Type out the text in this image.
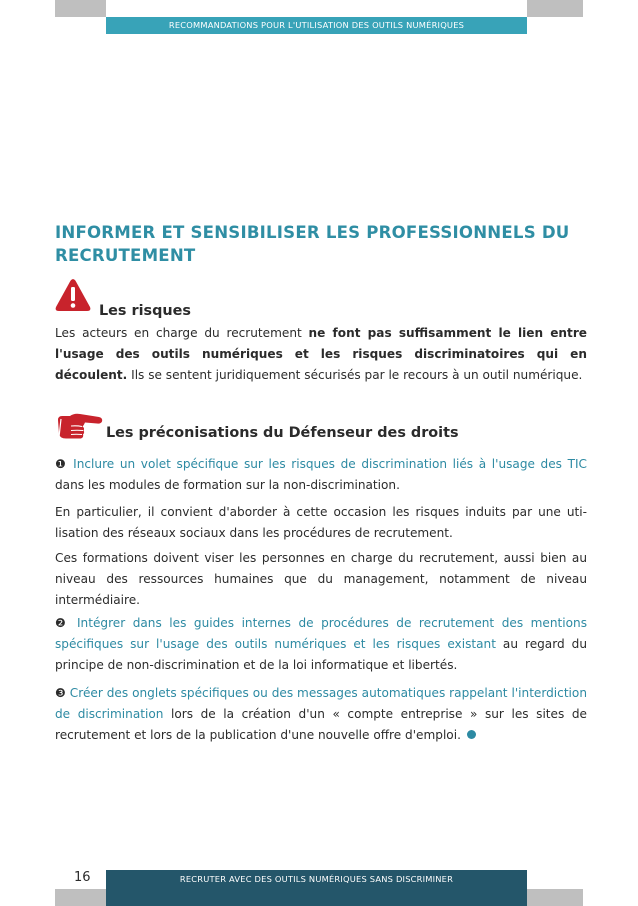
RECOMMANDATIONS POUR L'UTILISATION DES OUTILS NUMÉRIQUES
INFORMER ET SENSIBILISER LES PROFESSIONNELS DU RECRUTEMENT
Les risques

Les acteurs en charge du recrutement ne font pas suffisamment le lien entre l'usage des outils numériques et les risques discriminatoires qui en découlent. Ils se sentent juridiquement sécurisés par le recours à un outil numérique.

Les préconisations du Défenseur des droits

❶ Inclure un volet spécifique sur les risques de discrimination liés à l'usage des TIC dans les modules de formation sur la non-discrimination.

En particulier, il convient d'aborder à cette occasion les risques induits par une utilisation des réseaux sociaux dans les procédures de recrutement.

Ces formations doivent viser les personnes en charge du recrutement, aussi bien au niveau des ressources humaines que du management, notamment de niveau intermédiaire.

❷ Intégrer dans les guides internes de procédures de recrutement des mentions spécifiques sur l'usage des outils numériques et les risques existant au regard du principe de non-discrimination et de la loi informatique et libertés.

❸ Créer des onglets spécifiques ou des messages automatiques rappelant l'interdiction de discrimination lors de la création d'un « compte entreprise » sur les sites de recrutement et lors de la publication d'une nouvelle offre d'emploi.

16	RECRUTER AVEC DES OUTILS NUMÉRIQUES SANS DISCRIMINER
